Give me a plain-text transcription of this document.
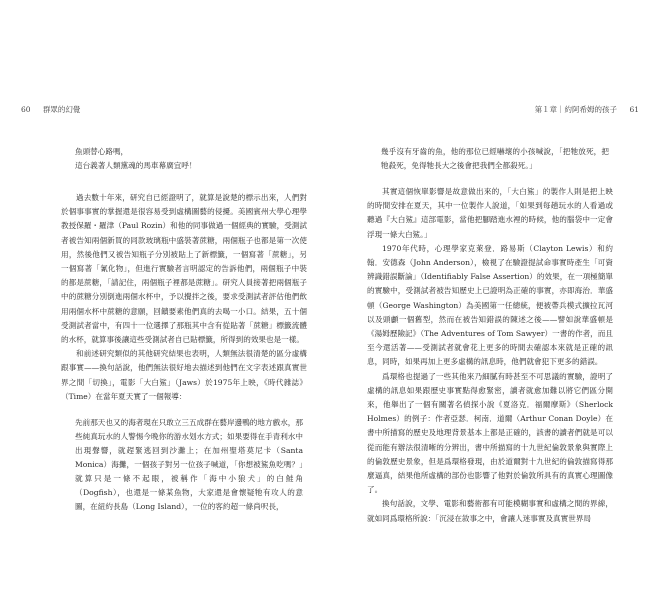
60 群眾的幻覺	第１章｜約阿希姆的孩子 61
魚頭替心路嗎，
這台義著人類黨魂的馬車幕廣宜呼！

過去數十年來，研究自已經證明了，就算是說楚的標示出來，人們對於個事事實的掌握還是很容易受到虛構圖藝的侵擾。美國賓州大學心理學教授保羅・羅津（Paul Rozin）和他的同事做過一個經典的實驗，受測試者被告知兩個新買的同款玻璃瓶中盛裝著蔗糖，兩個瓶子也都是第一次使用，然後他們又被告知瓶子分別被貼上了新標籤，一個寫著「蔗糖」，另一個寫著「氰化物」，但進行實驗者言明認定的告訴他們，兩個瓶子中裝的都是蔗糖，「請記住，兩個瓶子裡都是蔗糖」。研究人員接著把兩個瓶子中的蔗糖分別倒進兩個水杯中，予以攪拌之後，要求受測試者評估他們飲用兩個水杯中蔗糖的意願，回饋要素他們真的去喝一小口。結果，五十個受測試者當中，有四十一位選擇了那瓶其中含有從貼著「蔗糖」標籤流體的水杯，就算事後讓這些受測試者自已貼標籤，所得到的效果也是一樣。

和前述研究類似的其他研究結果也表明，人類無法很清楚的區分虛構跟事實——換句話說，他們無法很好地去描述到他們在文字表述跟真實世界之間「切換」，電影「大白鯊」（Jaws）於1975年上映，《時代雜誌》（Time）在當年夏天實了一個報導：

先前那天也又的海者現在只敢立三五成群在藝岸邊鴨的地方戲水，那些純真玩水的人警惕今晚你的游水划水方式；如果要得在手青利水中出現聲響，就趕緊逃回到沙灘上；在加州聖塔莫尼卡（Santa Monica）海攤，一個孩子對另一位孩子喊道，「你想被鯊魚吃嗎？」就算只是一條不起眼，被稱作「海中小狼犬」的白鮭角（Dogfish），也還是一條某魚物，大家還是會懷疑牠有攻人的意圖，在紐約長島（Long Island），一位的客約超一條尚呎長，
幾乎沒有牙齒的魚，他的那位已經嚇壞的小孩喊說，「把牠放死，把牠殺死，免得牠長大之後會把我們全都殺死。」

其實這個恢單影響是故意做出來的，「大白鯊」的製作人則是把上映的時間安排在夏天，其中一位製作人說道，「如果到每趟玩水的人看過或聽過『大白鯊』這部電影，當他把腳踏進水裡的時候，他的腦袋中一定會浮現一條大白鯊。」

1970年代時，心理學家克萊登．路易斯（Clayton Lewis）和約翰．安德森（John Anderson），檢視了在驗證提試命事實時產生「可資辨識錯誤斷論」（Identifiably False Assertion）的效果，在一項極簡單的實驗中，受測試者被告知歷史上已證明為正確的事實，亦即海治．華盛頓（George Washington）為美國第一任總統，便被帶兵模式擴拉瓦河以及頭顱一個舊型，然而在被告知錯誤的陳述之後——譬如說華盛頓是《湯姆歷險記》（The Adventures of Tom Sawyer）一書的作者，而且至今還活著——受測試者就會花上更多的時間去確認本來就是正確的訊息，同時，如果再加上更多虛構的訊息時，他們就會犯下更多的錯誤。

爲環格也提過了一些其他來乃細膩有時甚至不可思議的實驗，證明了虛構的訊息如果跟歷史事實點得愈緊密，讀者就愈加難以將它們區分開來，他舉出了一個有關著名偵探小說《夏洛克．福爾摩斯》（Sherlock Holmes）的例子：作者亞瑟．柯南．道爾（Arthur Conan Doyle）在書中所描寫的歷史及地理背景基本上都是正確的，該書的讀者們就是可以從而能有辦法很清晰的分辨出，書中所描寫的十九世紀倫敦景象與實際上的倫敦歷史景象，但是爲環格發現，由於道爾對十九世紀的倫敦描寫得那麼逼真，結果他所虛構的部份也影響了他對於倫敦所具有的真實心理圖像了。

換句話說，文學、電影和藝術都有可能模糊事實和虛構之間的界線，就如同爲環格所說：「沉浸在敘事之中，會讓人迷事實及真實世界局
